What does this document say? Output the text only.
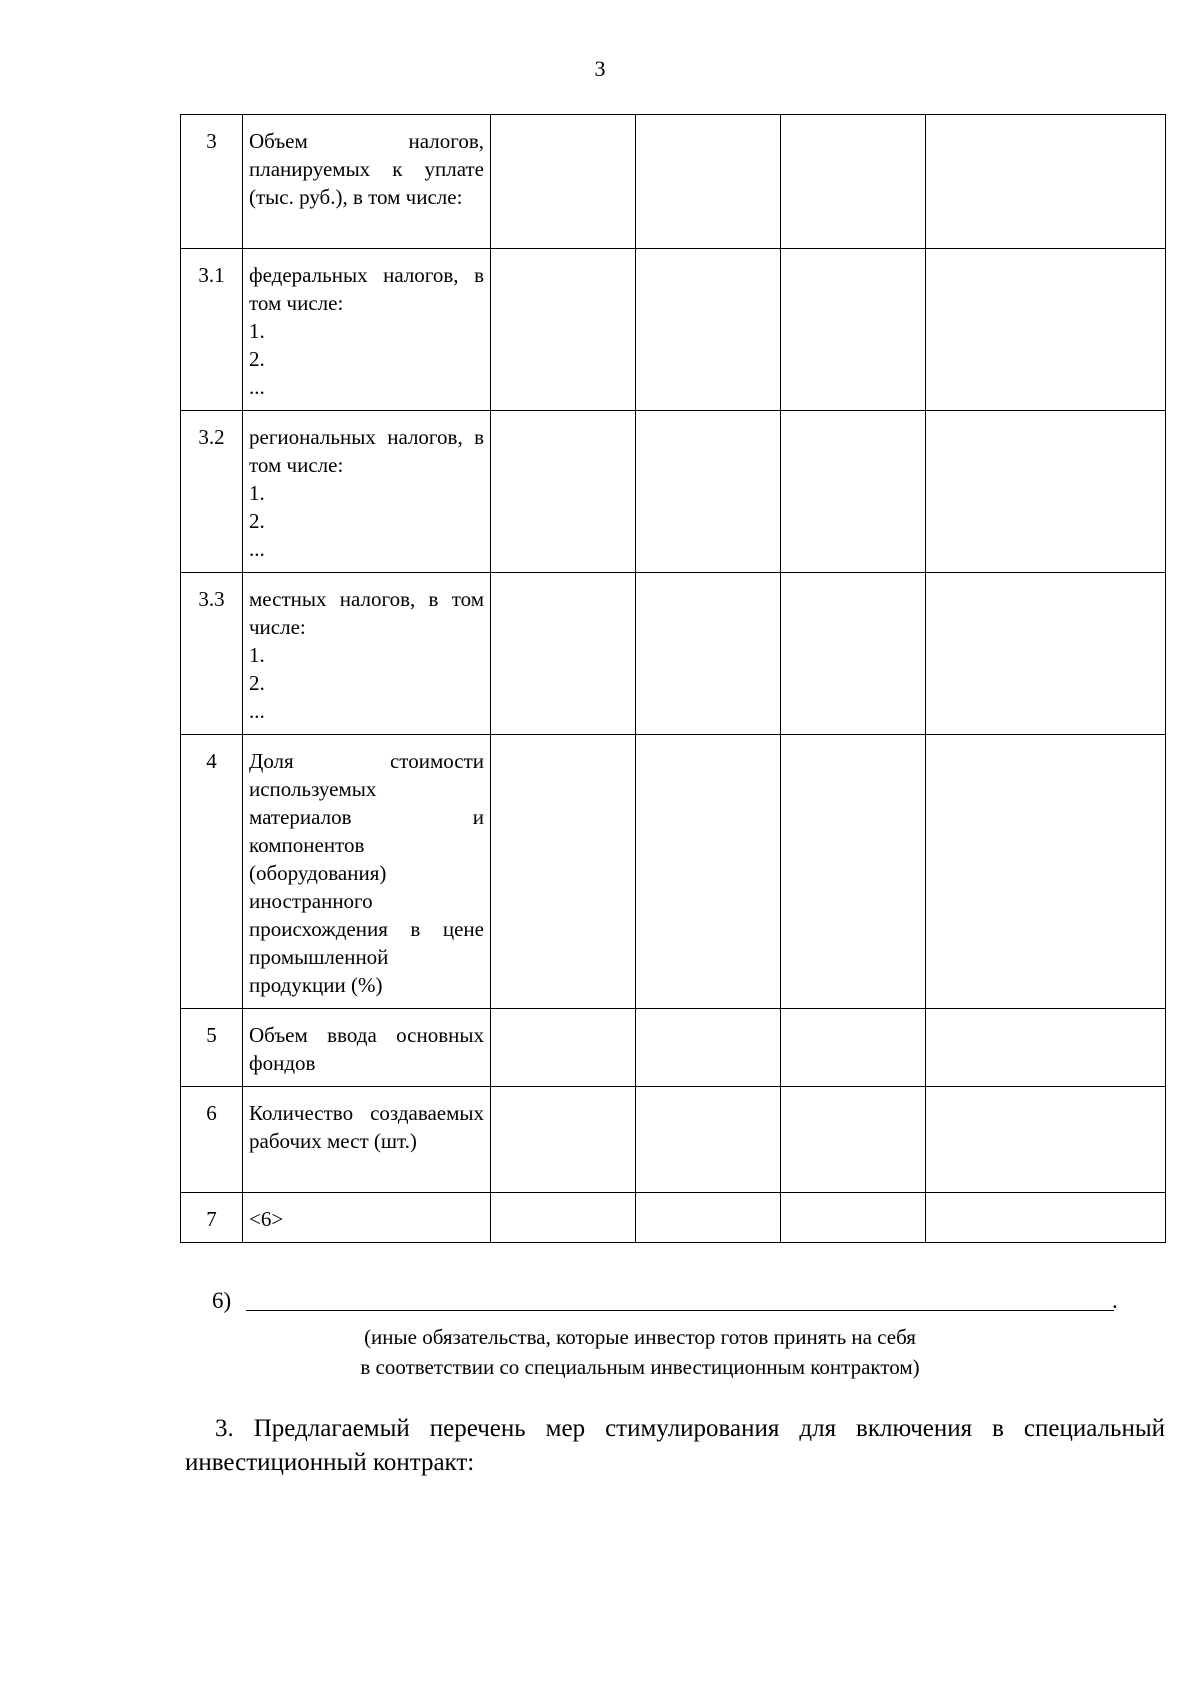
3
3	Объем налогов, планируемых к уплате (тыс. руб.), в том числе:				

3.1	федеральных налогов, в том числе:
1.
2.
...				

3.2	региональных налогов, в том числе:
1.
2.
...				

3.3	местных налогов, в том числе:
1.
2.
...				

4	Доля стоимости используемых материалов и компонентов (оборудования) иностранного происхождения в цене промышленной продукции (%)				

5	Объем ввода основных фондов				

6	Количество создаваемых рабочих мест (шт.)				

7	<6>				

6)	.
(иные обязательства, которые инвестор готов принять на себя
в соответствии со специальным инвестиционным контрактом)
3. Предлагаемый перечень мер стимулирования для включения в специальный инвестиционный контракт:
